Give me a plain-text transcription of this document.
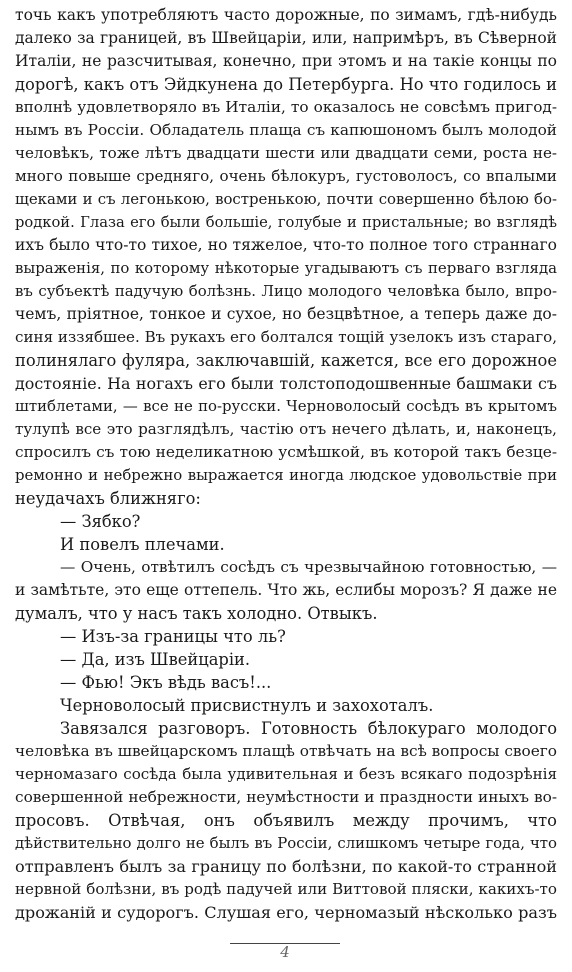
точь какъ употребляютъ часто дорожные, по зимамъ, гдѣ-нибудь
далеко за границей, въ Швейцаріи, или, напримѣръ, въ Сѣверной
Италіи, не разсчитывая, конечно, при этомъ и на такіе концы по
дорогѣ, какъ отъ Эйдкунена до Петербурга. Но что годилось и
вполнѣ удовлетворяло въ Италіи, то оказалось не совсѣмъ пригод-
нымъ въ Россіи. Обладатель плаща съ капюшономъ былъ молодой
человѣкъ, тоже лѣтъ двадцати шести или двадцати семи, роста не-
много повыше средняго, очень бѣлокуръ, густоволосъ, со впалыми
щеками и съ легонькою, востренькою, почти совершенно бѣлою бо-
родкой. Глаза его были большіе, голубые и пристальные; во взглядѣ
ихъ было что-то тихое, но тяжелое, что-то полное того страннаго
выраженія, по которому нѣкоторые угадываютъ съ перваго взгляда
въ субъектѣ падучую болѣзнь. Лицо молодого человѣка было, впро-
чемъ, пріятное, тонкое и сухое, но безцвѣтное, а теперь даже до-
синя иззябшее. Въ рукахъ его болтался тощій узелокъ изъ стараго,
полинялаго фуляра, заключавшій, кажется, все его дорожное
достояніе. На ногахъ его были толстоподошвенные башмаки съ
штиблетами, — все не по-русски. Черноволосый сосѣдъ въ крытомъ
тулупѣ все это разглядѣлъ, частію отъ нечего дѣлать, и, наконецъ,
спросилъ съ тою неделикатною усмѣшкой, въ которой такъ безце-
ремонно и небрежно выражается иногда людское удовольствіе при
неудачахъ ближняго:
— Зябко?
И повелъ плечами.
— Очень, отвѣтилъ сосѣдъ съ чрезвычайною готовностью, —
и замѣтьте, это еще оттепель. Что жь, еслибы морозъ? Я даже не
думалъ, что у насъ такъ холодно. Отвыкъ.
— Изъ-за границы что ль?
— Да, изъ Швейцаріи.
— Фью! Экъ вѣдь васъ!...
Черноволосый присвистнулъ и захохоталъ.
Завязался разговоръ. Готовность бѣлокураго молодого
человѣка въ швейцарскомъ плащѣ отвѣчать на всѣ вопросы своего
черномазаго сосѣда была удивительная и безъ всякаго подозрѣнія
совершенной небрежности, неумѣстности и праздности иныхъ во-
просовъ. Отвѣчая, онъ объявилъ между прочимъ, что
дѣйствительно долго не былъ въ Россіи, слишкомъ четыре года, что
отправленъ былъ за границу по болѣзни, по какой-то странной
нервной болѣзни, въ родѣ падучей или Виттовой пляски, какихъ-то
дрожаній и судорогъ. Слушая его, черномазый нѣсколько разъ
4
